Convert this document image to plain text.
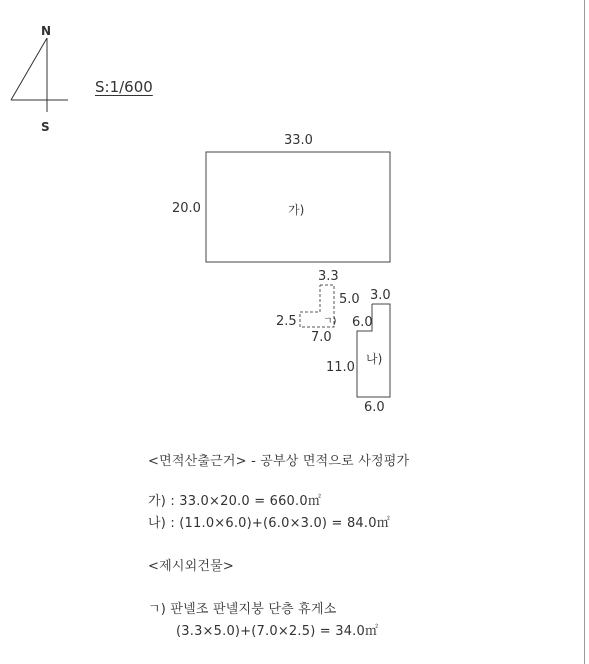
N
S
S:1/600
33.0
20.0	가)
3.3
5.0
2.5	ㄱ)
7.0
3.0
6.0
11.0
나)
6.0
<면적산출근거> - 공부상 면적으로 사정평가
가) : 33.0×20.0 = 660.0㎡
나) : (11.0×6.0)+(6.0×3.0) = 84.0㎡
<제시외건물>
ㄱ) 판넬조 판넬지붕 단층 휴게소
(3.3×5.0)+(7.0×2.5) = 34.0㎡
